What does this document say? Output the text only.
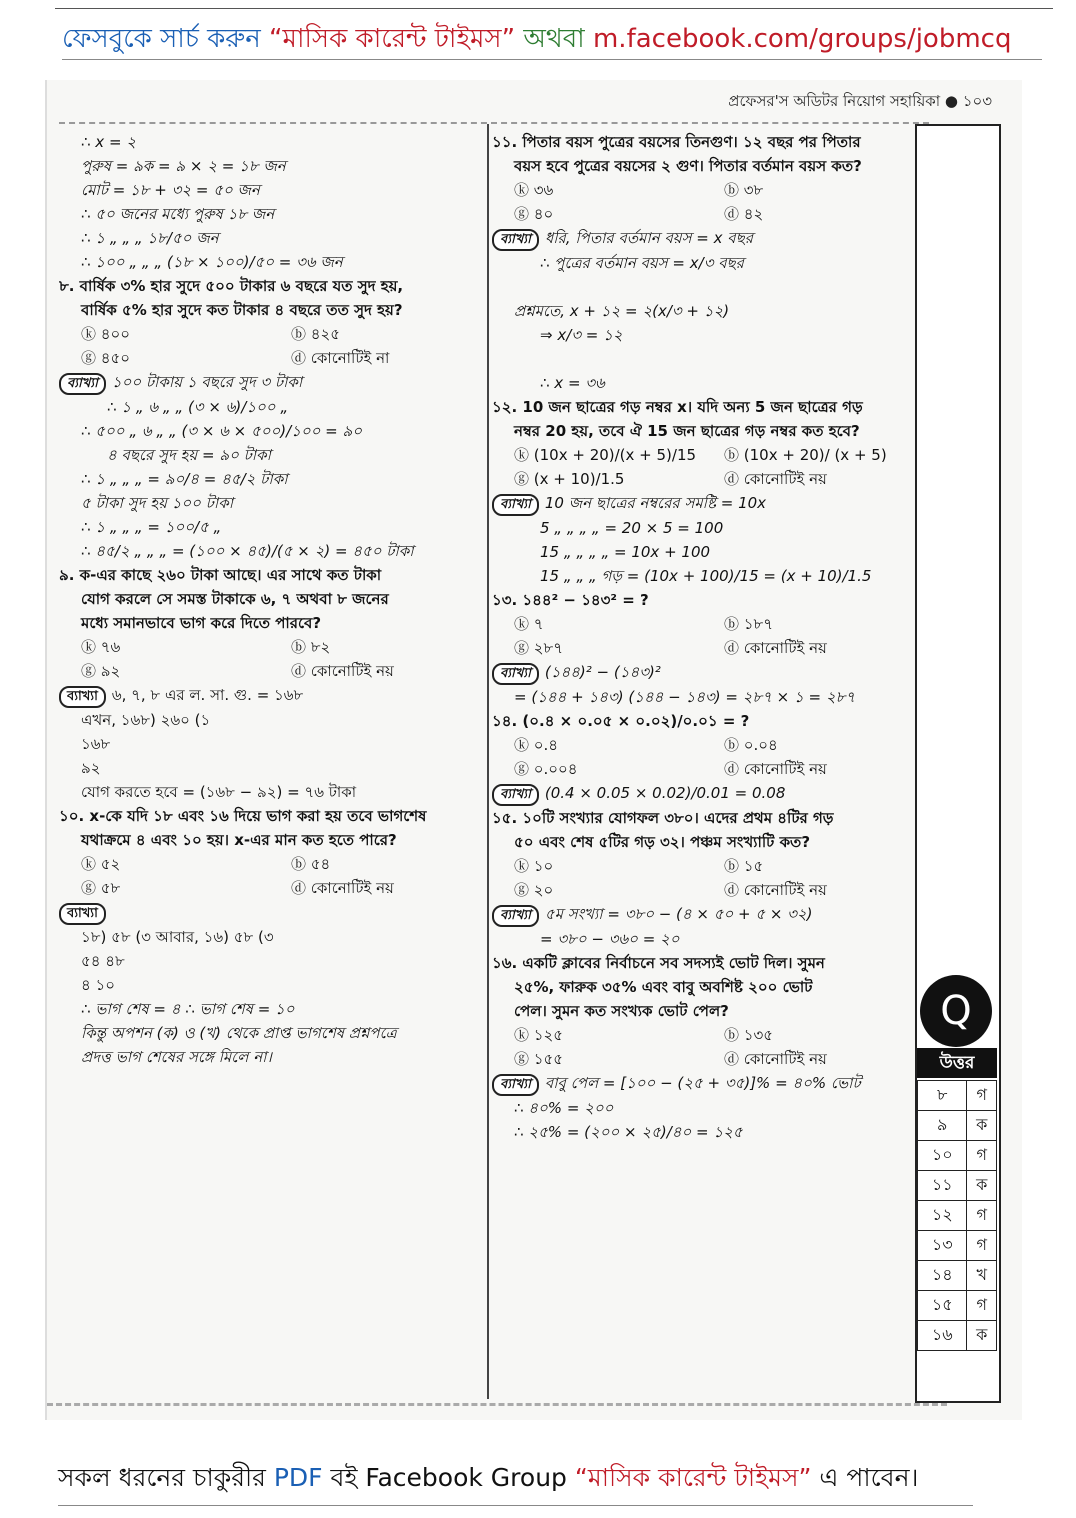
ফেসবুকে সার্চ করুন “মাসিক কারেন্ট টাইমস” অথবা m.facebook.com/groups/jobmcq
প্রফেসর'স অডিটর নিয়োগ সহায়িকা ● ১০৩
∴ x = ২
পুরুষ = ৯ক = ৯ × ২ = ১৮ জন
মোট = ১৮ + ৩২ = ৫০ জন
∴ ৫০ জনের মধ্যে পুরুষ ১৮ জন
∴ ১ „ „ „ ১৮/৫০ জন
∴ ১০০ „ „ „ (১৮ × ১০০)/৫০ = ৩৬ জন
৮. বার্ষিক ৩% হার সুদে ৫০০ টাকার ৬ বছরে যত সুদ হয়,
বার্ষিক ৫% হার সুদে কত টাকার ৪ বছরে তত সুদ হয়?
ⓚ ৪০০	ⓑ ৪২৫
ⓖ ৪৫০	ⓓ কোনোটিই না
ব্যাখ্যা ১০০ টাকায় ১ বছরে সুদ ৩ টাকা
∴ ১ „ ৬ „ „ (৩ × ৬)/১০০ „
∴ ৫০০ „ ৬ „ „ (৩ × ৬ × ৫০০)/১০০ = ৯০
৪ বছরে সুদ হয় = ৯০ টাকা
∴ ১ „ „ „ = ৯০/৪ = ৪৫/২ টাকা
৫ টাকা সুদ হয় ১০০ টাকা
∴ ১ „ „ „ = ১০০/৫ „
∴ ৪৫/২ „ „ „ = (১০০ × ৪৫)/(৫ × ২) = ৪৫০ টাকা
৯. ক-এর কাছে ২৬০ টাকা আছে। এর সাথে কত টাকা
যোগ করলে সে সমস্ত টাকাকে ৬, ৭ অথবা ৮ জনের
মধ্যে সমানভাবে ভাগ করে দিতে পারবে?
ⓚ ৭৬	ⓑ ৮২
ⓖ ৯২	ⓓ কোনোটিই নয়
ব্যাখ্যা ৬, ৭, ৮ এর ল. সা. গু. = ১৬৮
এখন, ১৬৮) ২৬০ (১
১৬৮
৯২
যোগ করতে হবে = (১৬৮ − ৯২) = ৭৬ টাকা
১০. x-কে যদি ১৮ এবং ১৬ দিয়ে ভাগ করা হয় তবে ভাগশেষ
যথাক্রমে ৪ এবং ১০ হয়। x-এর মান কত হতে পারে?
ⓚ ৫২	ⓑ ৫৪
ⓖ ৫৮	ⓓ কোনোটিই নয়
ব্যাখ্যা
১৮) ৫৮ (৩ আবার, ১৬) ৫৮ (৩
৫৪ ৪৮
৪ ১০
∴ ভাগ শেষ = ৪ ∴ ভাগ শেষ = ১০
কিন্তু অপশন (ক) ও (খ) থেকে প্রাপ্ত ভাগশেষ প্রশ্নপত্রে
প্রদত্ত ভাগ শেষের সঙ্গে মিলে না।
১১. পিতার বয়স পুত্রের বয়সের তিনগুণ। ১২ বছর পর পিতার
বয়স হবে পুত্রের বয়সের ২ গুণ। পিতার বর্তমান বয়স কত?
ⓚ ৩৬	ⓑ ৩৮
ⓖ ৪০	ⓓ ৪২
ব্যাখ্যা ধরি, পিতার বর্তমান বয়স = x বছর
∴ পুত্রের বর্তমান বয়স = x/৩ বছর

প্রশ্নমতে, x + ১২ = ২(x/৩ + ১২)
⇒ x/৩ = ১২

∴ x = ৩৬
১২. 10 জন ছাত্রের গড় নম্বর x। যদি অন্য 5 জন ছাত্রের গড়
নম্বর 20 হয়, তবে ঐ 15 জন ছাত্রের গড় নম্বর কত হবে?
ⓚ (10x + 20)/(x + 5)/15	ⓑ (10x + 20)/ (x + 5)
ⓖ (x + 10)/1.5	ⓓ কোনোটিই নয়
ব্যাখ্যা 10 জন ছাত্রের নম্বরের সমষ্টি = 10x
5 „ „ „ „ = 20 × 5 = 100
15 „ „ „ „ = 10x + 100
15 „ „ „ গড় = (10x + 100)/15 = (x + 10)/1.5
১৩. ১৪৪² − ১৪৩² = ?
ⓚ ৭	ⓑ ১৮৭
ⓖ ২৮৭	ⓓ কোনোটিই নয়
ব্যাখ্যা (১৪৪)² − (১৪৩)²
= (১৪৪ + ১৪৩) (১৪৪ − ১৪৩) = ২৮৭ × ১ = ২৮৭
১৪. (০.৪ × ০.০৫ × ০.০২)/০.০১ = ?
ⓚ ০.৪	ⓑ ০.০৪
ⓖ ০.০০৪	ⓓ কোনোটিই নয়
ব্যাখ্যা (0.4 × 0.05 × 0.02)/0.01 = 0.08
১৫. ১০টি সংখ্যার যোগফল ৩৮০। এদের প্রথম ৪টির গড়
৫০ এবং শেষ ৫টির গড় ৩২। পঞ্চম সংখ্যাটি কত?
ⓚ ১০	ⓑ ১৫
ⓖ ২০	ⓓ কোনোটিই নয়
ব্যাখ্যা ৫ম সংখ্যা = ৩৮০ − (৪ × ৫০ + ৫ × ৩২)
= ৩৮০ − ৩৬০ = ২০
১৬. একটি ক্লাবের নির্বাচনে সব সদস্যই ভোট দিল। সুমন
২৫%, ফারুক ৩৫% এবং বাবু অবশিষ্ট ২০০ ভোট
পেল। সুমন কত সংখ্যক ভোট পেল?
ⓚ ১২৫	ⓑ ১৩৫
ⓖ ১৫৫	ⓓ কোনোটিই নয়
ব্যাখ্যা বাবু পেল = [১০০ − (২৫ + ৩৫)]% = ৪০% ভোট
∴ ৪০% = ২০০
∴ ২৫% = (২০০ × ২৫)/৪০ = ১২৫
Q
উত্তর
৮	গ
৯	ক
১০	গ
১১	ক
১২	গ
১৩	গ
১৪	খ
১৫	গ
১৬	ক
সকল ধরনের চাকুরীর PDF বই Facebook Group “মাসিক কারেন্ট টাইমস” এ পাবেন।
